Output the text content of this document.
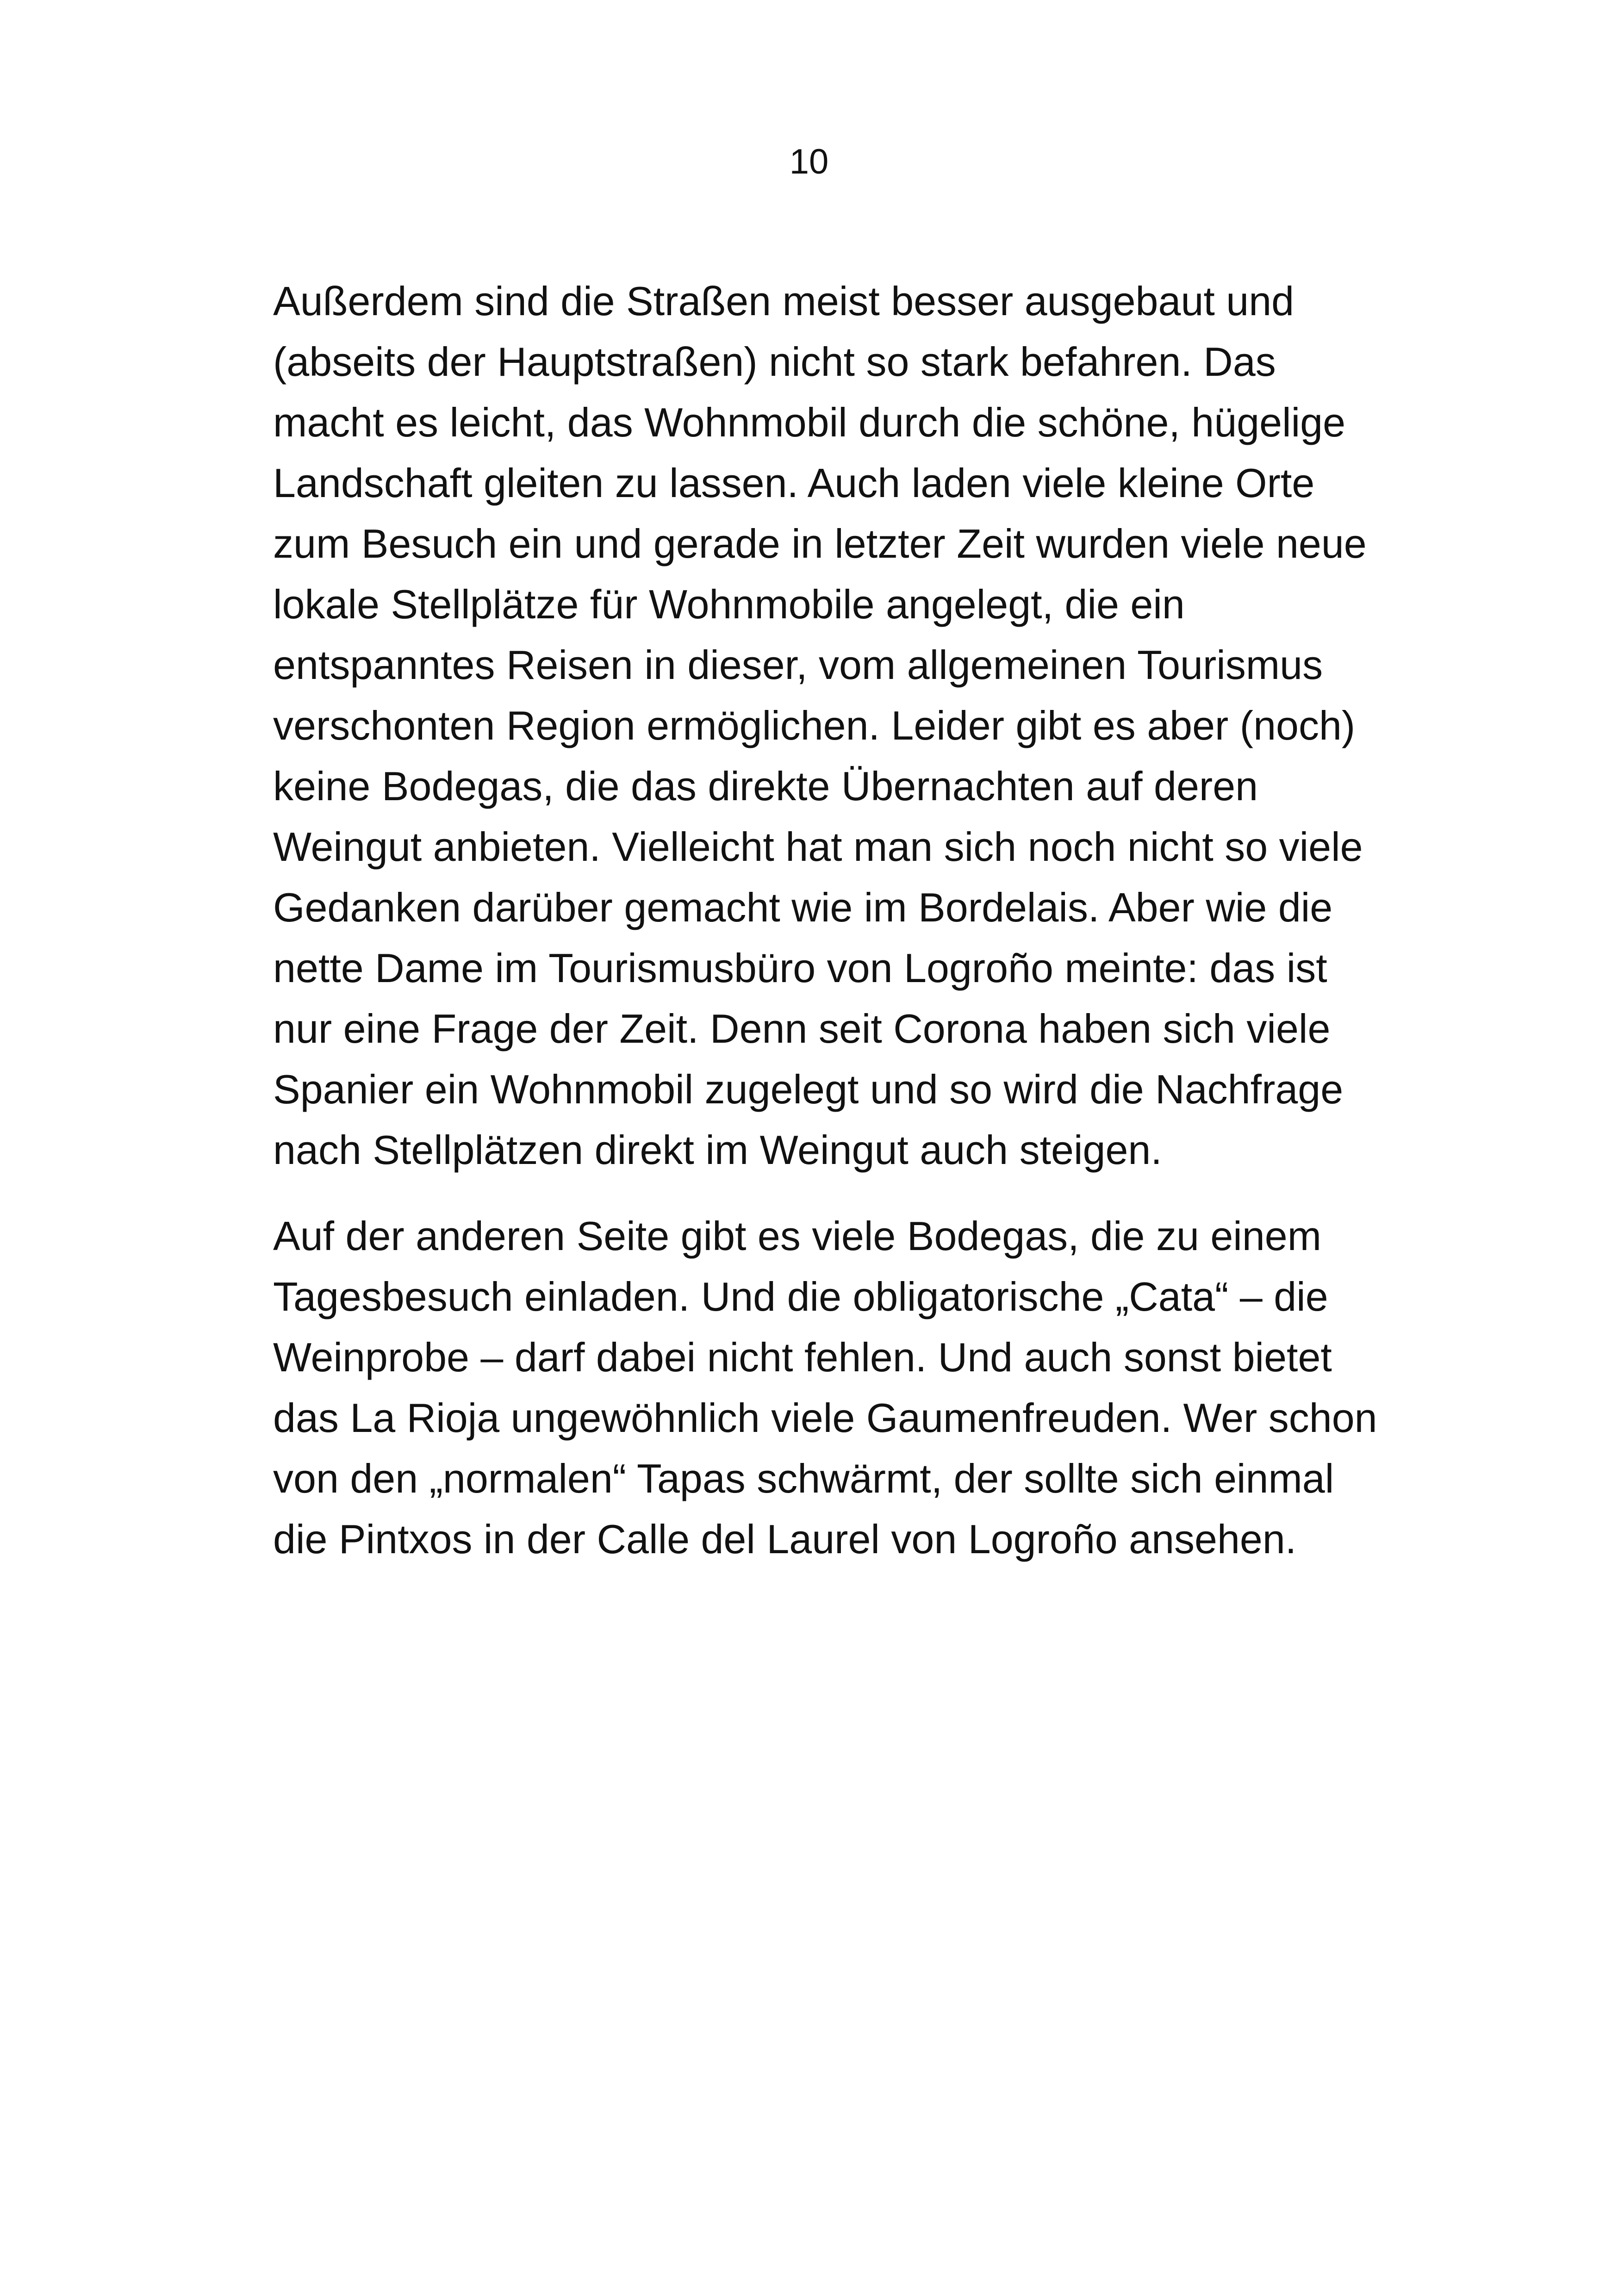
10

Außerdem sind die Straßen meist besser ausgebaut und
(abseits der Hauptstraßen) nicht so stark befahren. Das
macht es leicht, das Wohnmobil durch die schöne, hügelige
Landschaft gleiten zu lassen. Auch laden viele kleine Orte
zum Besuch ein und gerade in letzter Zeit wurden viele neue
lokale Stellplätze für Wohnmobile angelegt, die ein
entspanntes Reisen in dieser, vom allgemeinen Tourismus
verschonten Region ermöglichen. Leider gibt es aber (noch)
keine Bodegas, die das direkte Übernachten auf deren
Weingut anbieten. Vielleicht hat man sich noch nicht so viele
Gedanken darüber gemacht wie im Bordelais. Aber wie die
nette Dame im Tourismusbüro von Logroño meinte: das ist
nur eine Frage der Zeit. Denn seit Corona haben sich viele
Spanier ein Wohnmobil zugelegt und so wird die Nachfrage
nach Stellplätzen direkt im Weingut auch steigen.

Auf der anderen Seite gibt es viele Bodegas, die zu einem
Tagesbesuch einladen. Und die obligatorische „Cata“ – die
Weinprobe – darf dabei nicht fehlen. Und auch sonst bietet
das La Rioja ungewöhnlich viele Gaumenfreuden. Wer schon
von den „normalen“ Tapas schwärmt, der sollte sich einmal
die Pintxos in der Calle del Laurel von Logroño ansehen.
